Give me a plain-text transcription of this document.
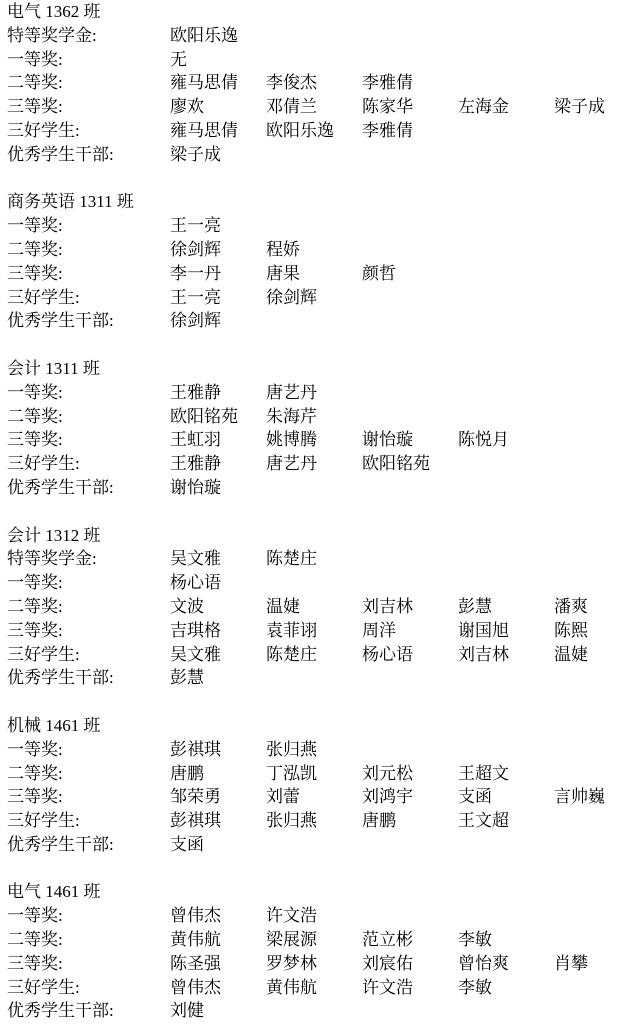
电气 1362 班
特等奖学金:	欧阳乐逸
一等奖:	无
二等奖:	雍马思倩	李俊杰	李雅倩
三等奖:	廖欢	邓倩兰	陈家华	左海金	梁子成
三好学生:	雍马思倩	欧阳乐逸	李雅倩
优秀学生干部:	梁子成
商务英语 1311 班
一等奖:	王一亮
二等奖:	徐剑辉	程娇
三等奖:	李一丹	唐果	颜哲
三好学生:	王一亮	徐剑辉
优秀学生干部:	徐剑辉
会计 1311 班
一等奖:	王雅静	唐艺丹
二等奖:	欧阳铭苑	朱海芹
三等奖:	王虹羽	姚博腾	谢怡璇	陈悦月
三好学生:	王雅静	唐艺丹	欧阳铭苑
优秀学生干部:	谢怡璇
会计 1312 班
特等奖学金:	吴文雅	陈楚庄
一等奖:	杨心语
二等奖:	文波	温婕	刘吉林	彭慧	潘爽
三等奖:	吉琪格	袁菲诩	周洋	谢国旭	陈熙
三好学生:	吴文雅	陈楚庄	杨心语	刘吉林	温婕
优秀学生干部:	彭慧
机械 1461 班
一等奖:	彭祺琪	张归燕
二等奖:	唐鹏	丁泓凯	刘元松	王超文
三等奖:	邹荣勇	刘蕾	刘鸿宇	支函	言帅巍
三好学生:	彭祺琪	张归燕	唐鹏	王文超
优秀学生干部:	支函
电气 1461 班
一等奖:	曾伟杰	许文浩
二等奖:	黄伟航	梁展源	范立彬	李敏
三等奖:	陈圣强	罗梦林	刘宸佑	曾怡爽	肖攀
三好学生:	曾伟杰	黄伟航	许文浩	李敏
优秀学生干部:	刘健
